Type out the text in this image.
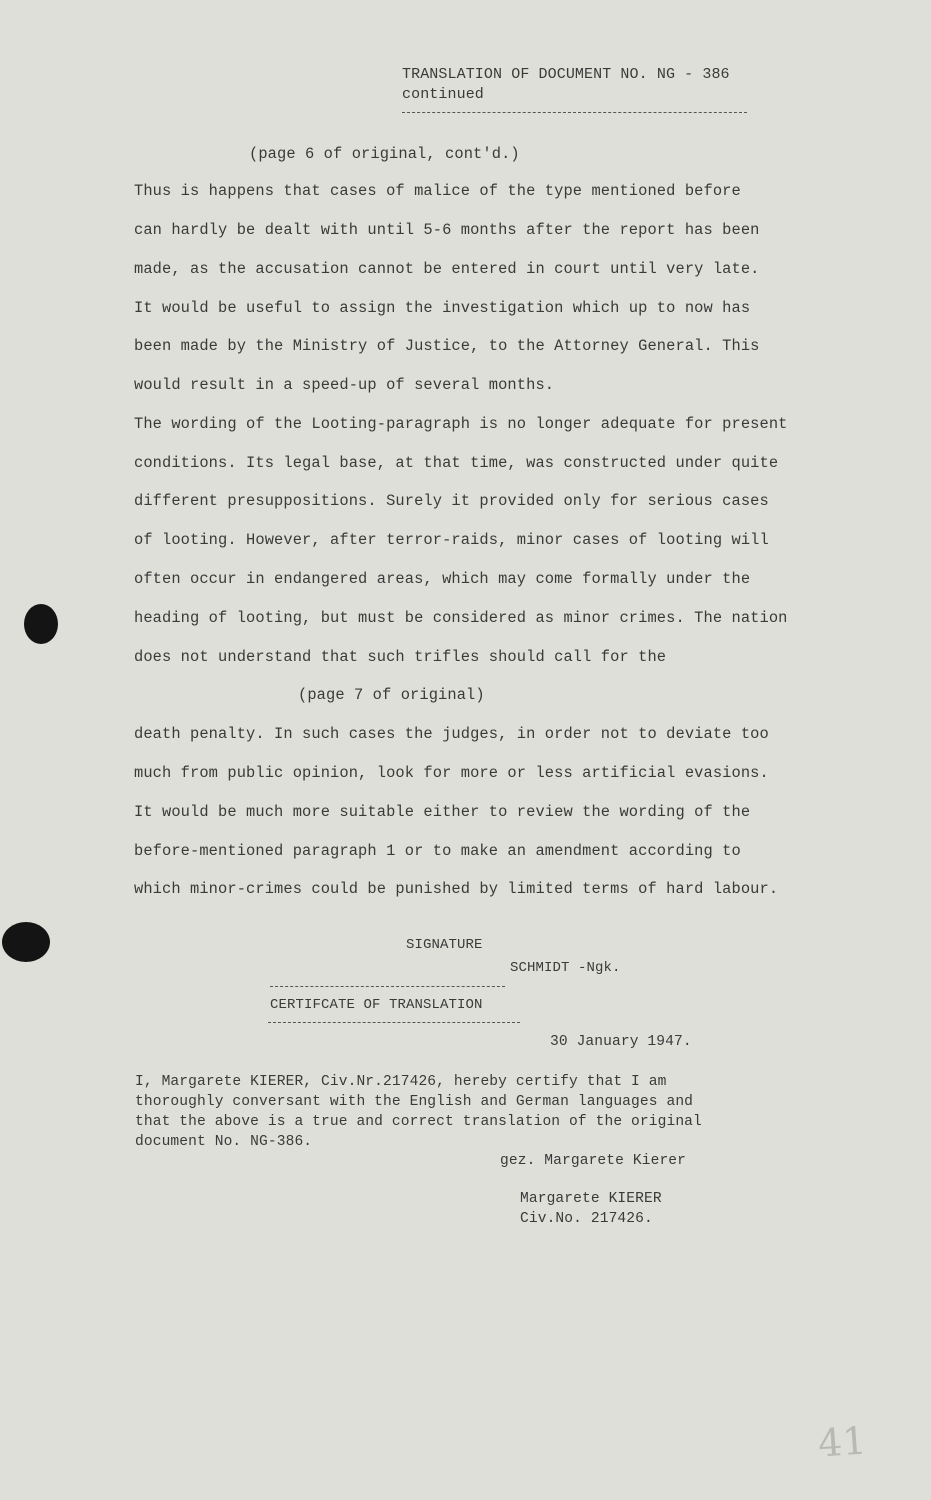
TRANSLATION OF DOCUMENT NO. NG - 386
continued
(page 6 of original, cont'd.)
Thus is happens that cases of malice of the type mentioned before
can hardly be dealt with until 5-6 months after the report has been
made, as the accusation cannot be entered in court until very late.
It would be useful to assign the investigation which up to now has
been made by the Ministry of Justice, to the Attorney General. This
would result in a speed-up of several months.
The wording of the Looting-paragraph is no longer adequate for present
conditions. Its legal base, at that time, was constructed under quite
different presuppositions. Surely it provided only for serious cases
of looting. However, after terror-raids, minor cases of looting will
often occur in endangered areas, which may come formally under the
heading of looting, but must be considered as minor crimes. The nation
does not understand that such trifles should call for the
(page 7 of original)
death penalty. In such cases the judges, in order not to deviate too
much from public opinion, look for more or less artificial evasions.
It would be much more suitable either to review the wording of the
before-mentioned paragraph 1 or to make an amendment according to
which minor-crimes could be punished by limited terms of hard labour.
SIGNATURE
SCHMIDT -Ngk.
CERTIFCATE OF TRANSLATION
30 January 1947.
I, Margarete KIERER, Civ.Nr.217426, hereby certify that I am
thoroughly conversant with the English and German languages and
that the above is a true and correct translation of the original
document No. NG-386.
gez. Margarete Kierer
Margarete KIERER
Civ.No. 217426.
41
